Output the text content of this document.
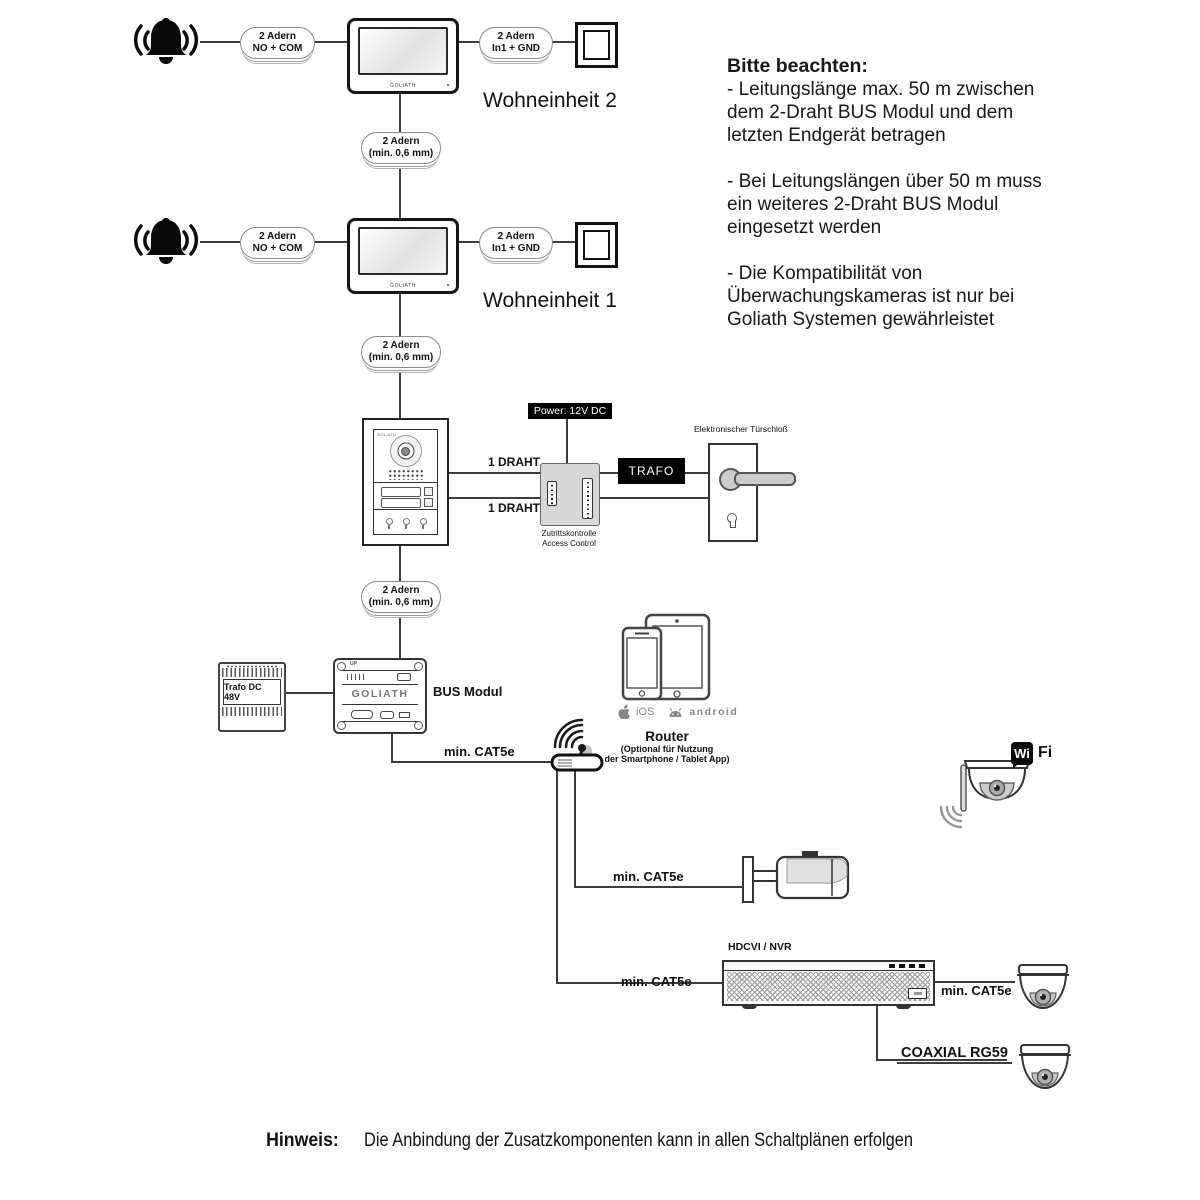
2 Adern
NO + COM
2 Adern
In1 + GND
2 Adern
(min. 0,6 mm)
2 Adern
NO + COM
2 Adern
In1 + GND
2 Adern
(min. 0,6 mm)
2 Adern
(min. 0,6 mm)
GOLIATH
GOLIATH
Wohneinheit 2
Wohneinheit 1
GOLIATH
Power: 12V DC
1 DRAHT
1 DRAHT
Zutrittskontrolle
Access Control
TRAFO
Elektronischer Türschloß
Trafo DC 48V
UP
GOLIATH	BUS Modul
iOS	android
Router
(Optional für Nutzung
der Smartphone / Tablet App)
min. CAT5e
min. CAT5e
min. CAT5e
min. CAT5e
COAXIAL RG59
Wi Fi
HDCVI / NVR
Bitte beachten:

- Leitungslänge max. 50 m zwischen dem 2-Draht BUS Modul und dem letzten Endgerät betragen

- Bei Leitungslängen über 50 m muss ein weiteres 2-Draht BUS Modul eingesetzt werden

- Die Kompatibilität von Überwachungskameras ist nur bei Goliath Systemen gewährleistet

Hinweis: Die Anbindung der Zusatzkomponenten kann in allen Schaltplänen erfolgen
